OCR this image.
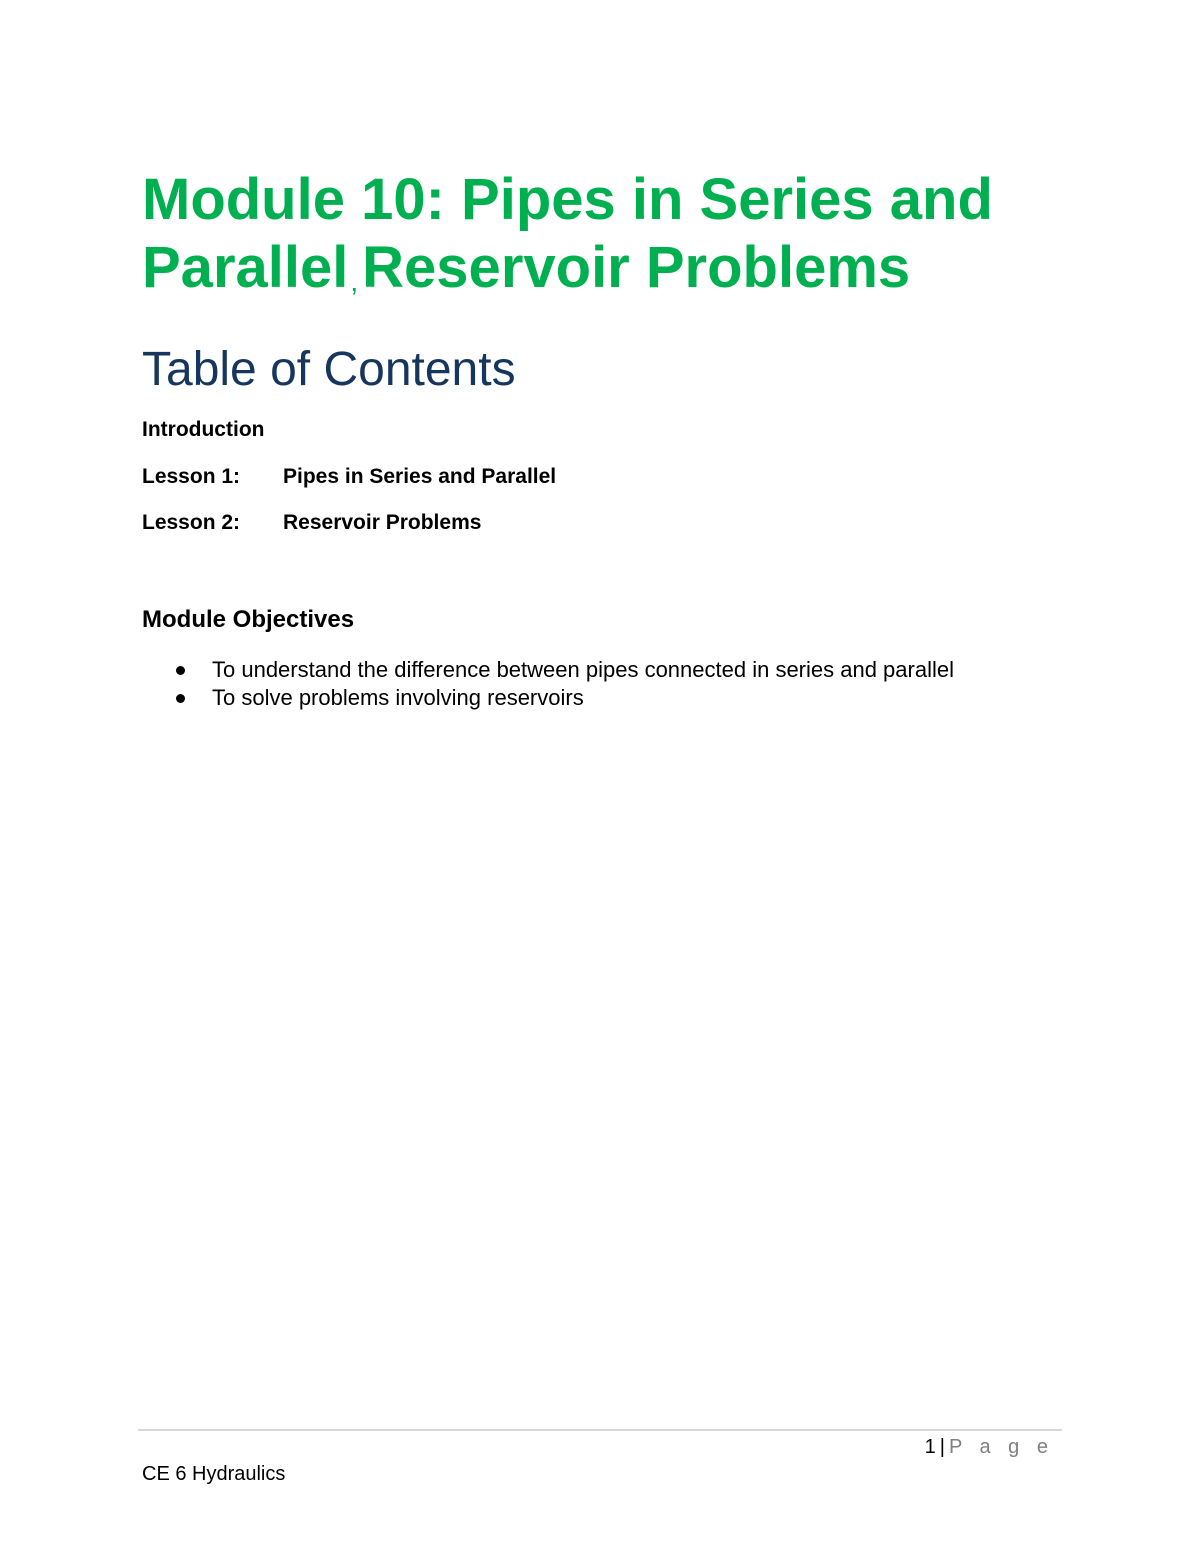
Module 10: Pipes in Series and
Parallel,Reservoir Problems
Table of Contents
Introduction
Lesson 1: Pipes in Series and Parallel
Lesson 2: Reservoir Problems
Module Objectives
To understand the difference between pipes connected in series and parallel
To solve problems involving reservoirs
1 | P a g e
CE 6 Hydraulics
